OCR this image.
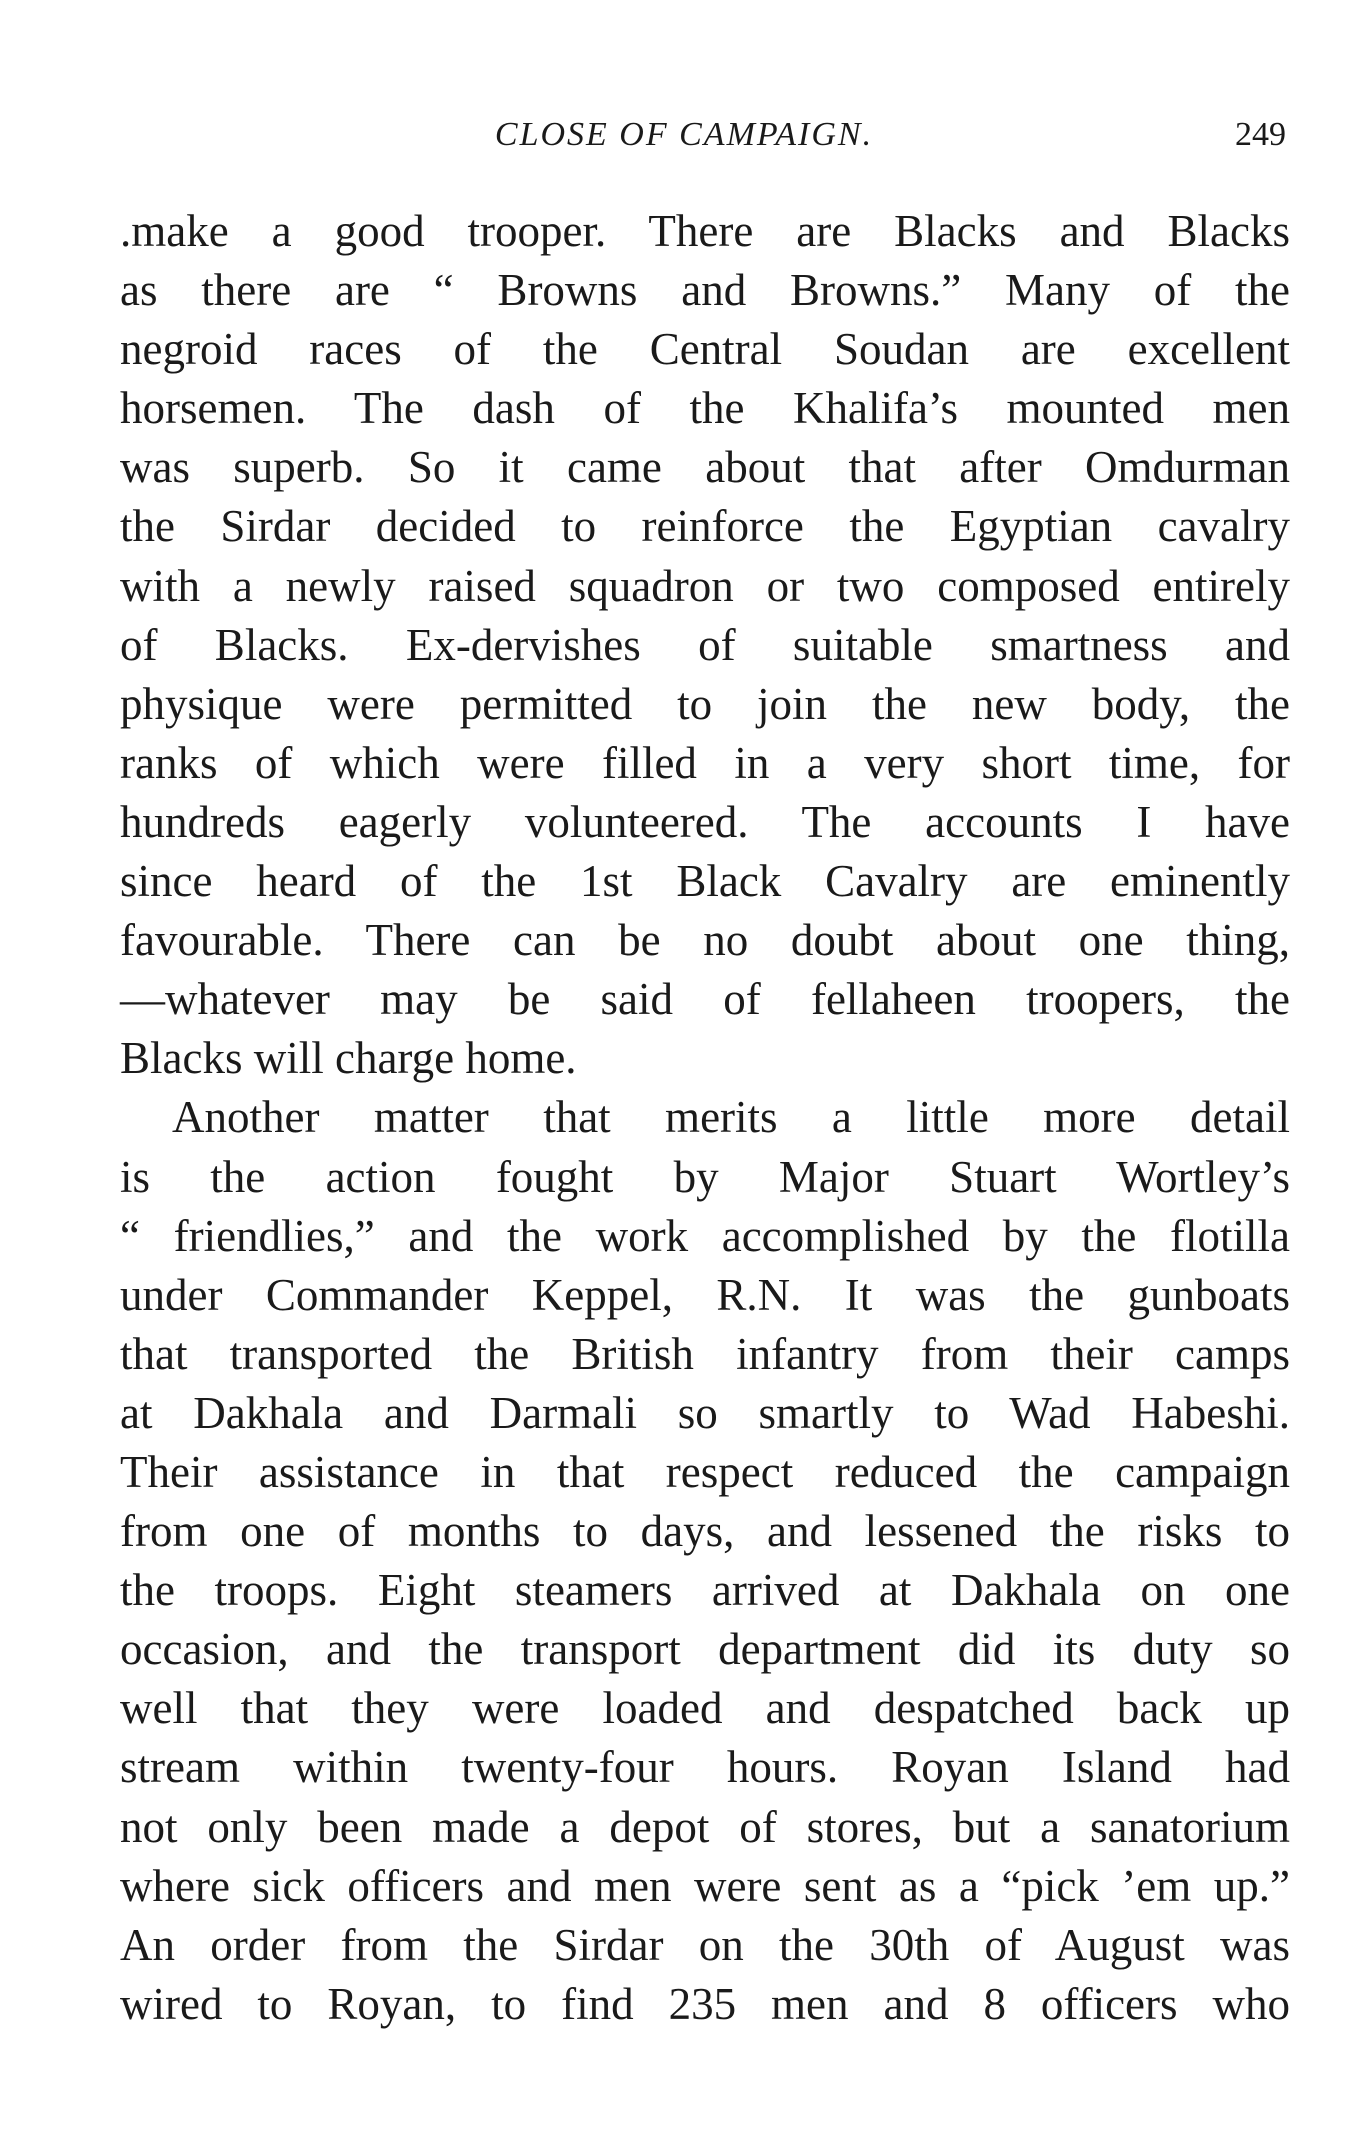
CLOSE OF CAMPAIGN.	249
.make a good trooper. There are Blacks and Blacks
as there are “ Browns and Browns.” Many of the
negroid races of the Central Soudan are excellent
horsemen. The dash of the Khalifa’s mounted men
was superb. So it came about that after Omdurman
the Sirdar decided to reinforce the Egyptian cavalry
with a newly raised squadron or two composed entirely
of Blacks. Ex-dervishes of suitable smartness and
physique were permitted to join the new body, the
ranks of which were filled in a very short time, for
hundreds eagerly volunteered. The accounts I have
since heard of the 1st Black Cavalry are eminently
favourable. There can be no doubt about one thing,
—whatever may be said of fellaheen troopers, the
Blacks will charge home.
Another matter that merits a little more detail
is the action fought by Major Stuart Wortley’s
“ friendlies,” and the work accomplished by the flotilla
under Commander Keppel, R.N. It was the gunboats
that transported the British infantry from their camps
at Dakhala and Darmali so smartly to Wad Habeshi.
Their assistance in that respect reduced the campaign
from one of months to days, and lessened the risks to
the troops. Eight steamers arrived at Dakhala on one
occasion, and the transport department did its duty so
well that they were loaded and despatched back up
stream within twenty-four hours. Royan Island had
not only been made a depot of stores, but a sanatorium
where sick officers and men were sent as a “pick ’em up.”
An order from the Sirdar on the 30th of August was
wired to Royan, to find 235 men and 8 officers who
